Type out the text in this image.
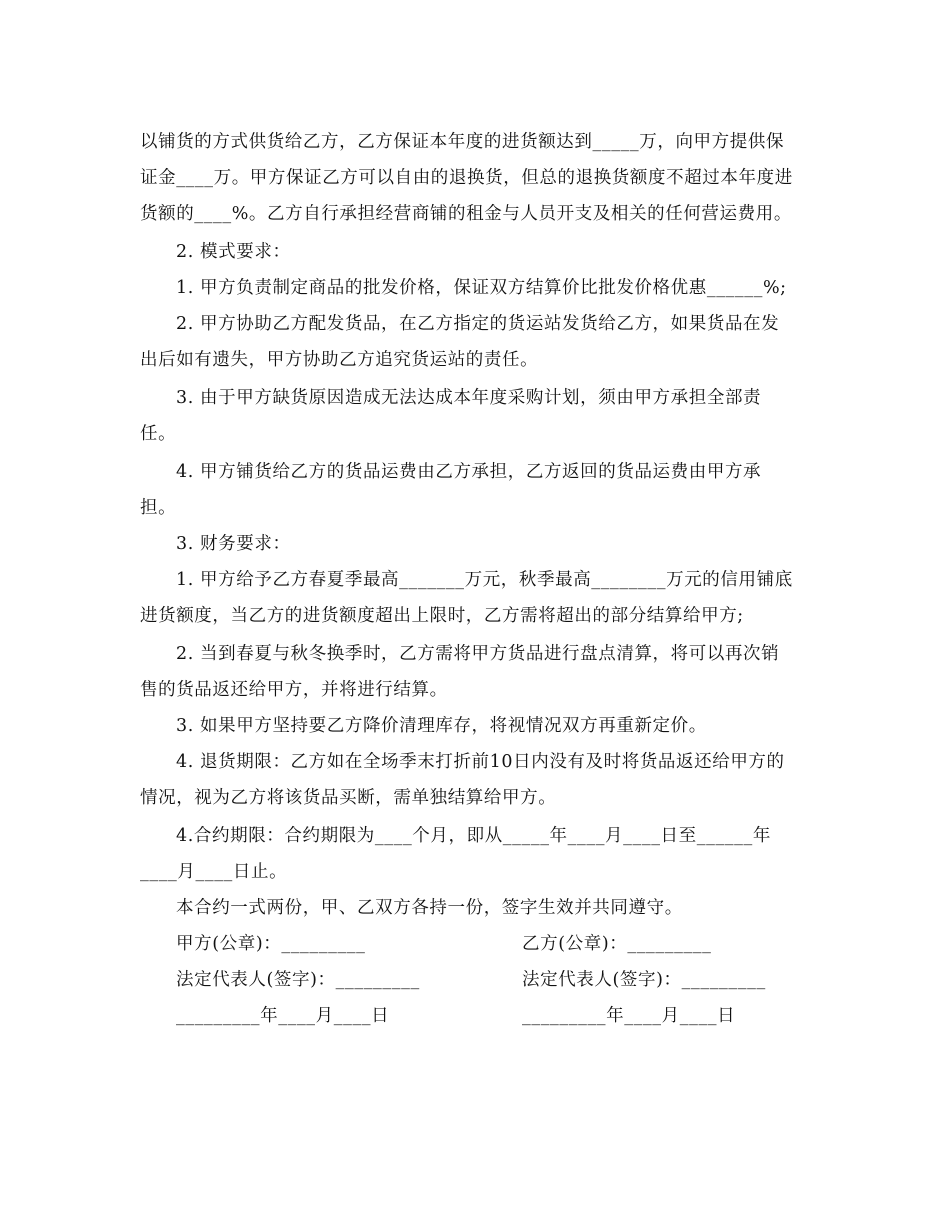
以铺货的方式供货给乙方，乙方保证本年度的进货额达到_____万，向甲方提供保
证金____万。甲方保证乙方可以自由的退换货，但总的退换货额度不超过本年度进
货额的____%。乙方自行承担经营商铺的租金与人员开支及相关的任何营运费用。
2. 模式要求：
1. 甲方负责制定商品的批发价格，保证双方结算价比批发价格优惠______%;
2. 甲方协助乙方配发货品，在乙方指定的货运站发货给乙方，如果货品在发
出后如有遗失，甲方协助乙方追究货运站的责任。
3. 由于甲方缺货原因造成无法达成本年度采购计划，须由甲方承担全部责
任。
4. 甲方铺货给乙方的货品运费由乙方承担，乙方返回的货品运费由甲方承
担。
3. 财务要求：
1. 甲方给予乙方春夏季最高_______万元，秋季最高________万元的信用铺底
进货额度，当乙方的进货额度超出上限时，乙方需将超出的部分结算给甲方;
2. 当到春夏与秋冬换季时，乙方需将甲方货品进行盘点清算，将可以再次销
售的货品返还给甲方，并将进行结算。
3. 如果甲方坚持要乙方降价清理库存，将视情况双方再重新定价。
4. 退货期限：乙方如在全场季末打折前10日内没有及时将货品返还给甲方的
情况，视为乙方将该货品买断，需单独结算给甲方。
4.合约期限：合约期限为____个月，即从_____年____月____日至______年
____月____日止。
本合约一式两份，甲、乙双方各持一份，签字生效并共同遵守。
甲方(公章)：_________	乙方(公章)：_________
法定代表人(签字)：_________	法定代表人(签字)：_________
_________年____月____日	_________年____月____日
